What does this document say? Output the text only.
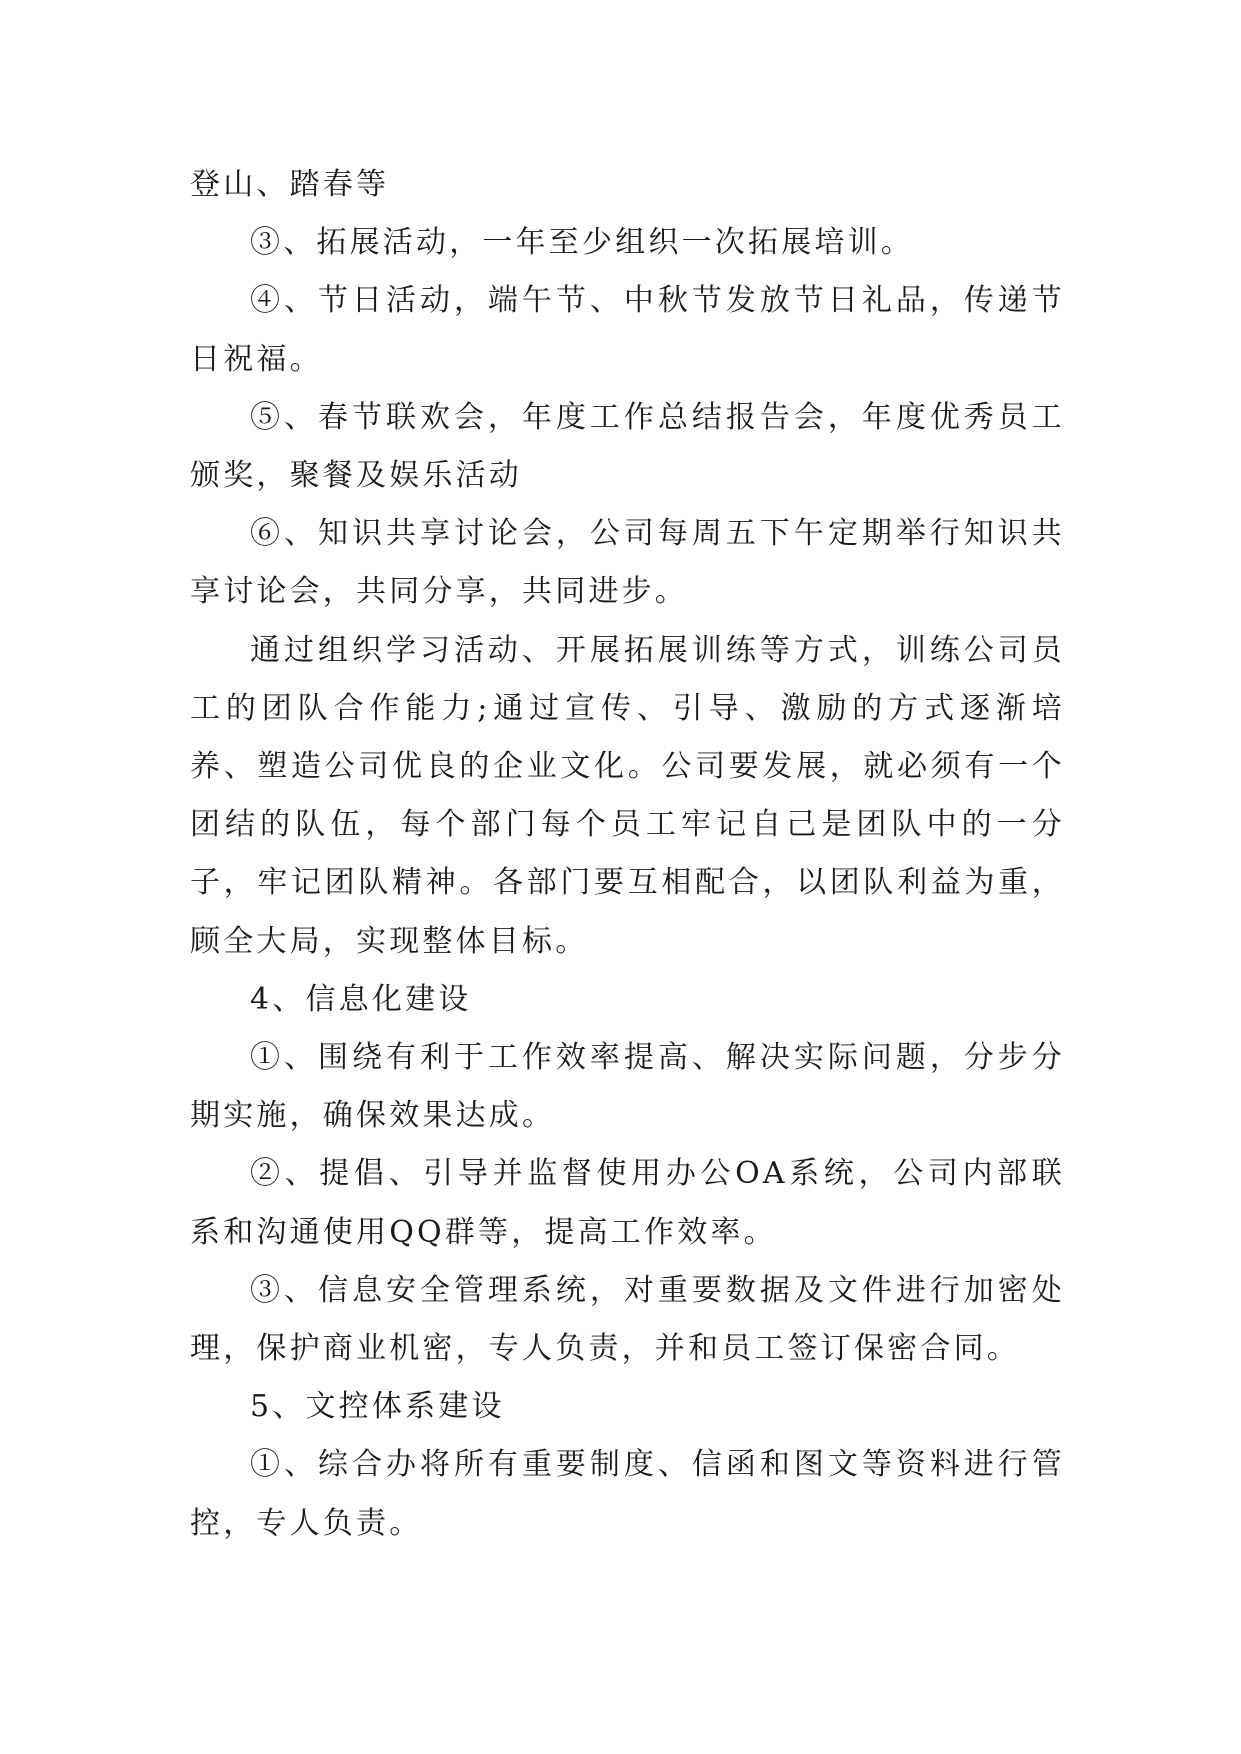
登山、踏春等

③、拓展活动，一年至少组织一次拓展培训。

④、节日活动，端午节、中秋节发放节日礼品，传递节日祝福。

⑤、春节联欢会，年度工作总结报告会，年度优秀员工颁奖，聚餐及娱乐活动

⑥、知识共享讨论会，公司每周五下午定期举行知识共享讨论会，共同分享，共同进步。

通过组织学习活动、开展拓展训练等方式，训练公司员工的团队合作能力;通过宣传、引导、激励的方式逐渐培养、塑造公司优良的企业文化。公司要发展，就必须有一个团结的队伍，每个部门每个员工牢记自己是团队中的一分子，牢记团队精神。各部门要互相配合，以团队利益为重，顾全大局，实现整体目标。

4、信息化建设

①、围绕有利于工作效率提高、解决实际问题，分步分期实施，确保效果达成。

②、提倡、引导并监督使用办公OA系统，公司内部联系和沟通使用QQ群等，提高工作效率。

③、信息安全管理系统，对重要数据及文件进行加密处理，保护商业机密，专人负责，并和员工签订保密合同。

5、文控体系建设

①、综合办将所有重要制度、信函和图文等资料进行管控，专人负责。
